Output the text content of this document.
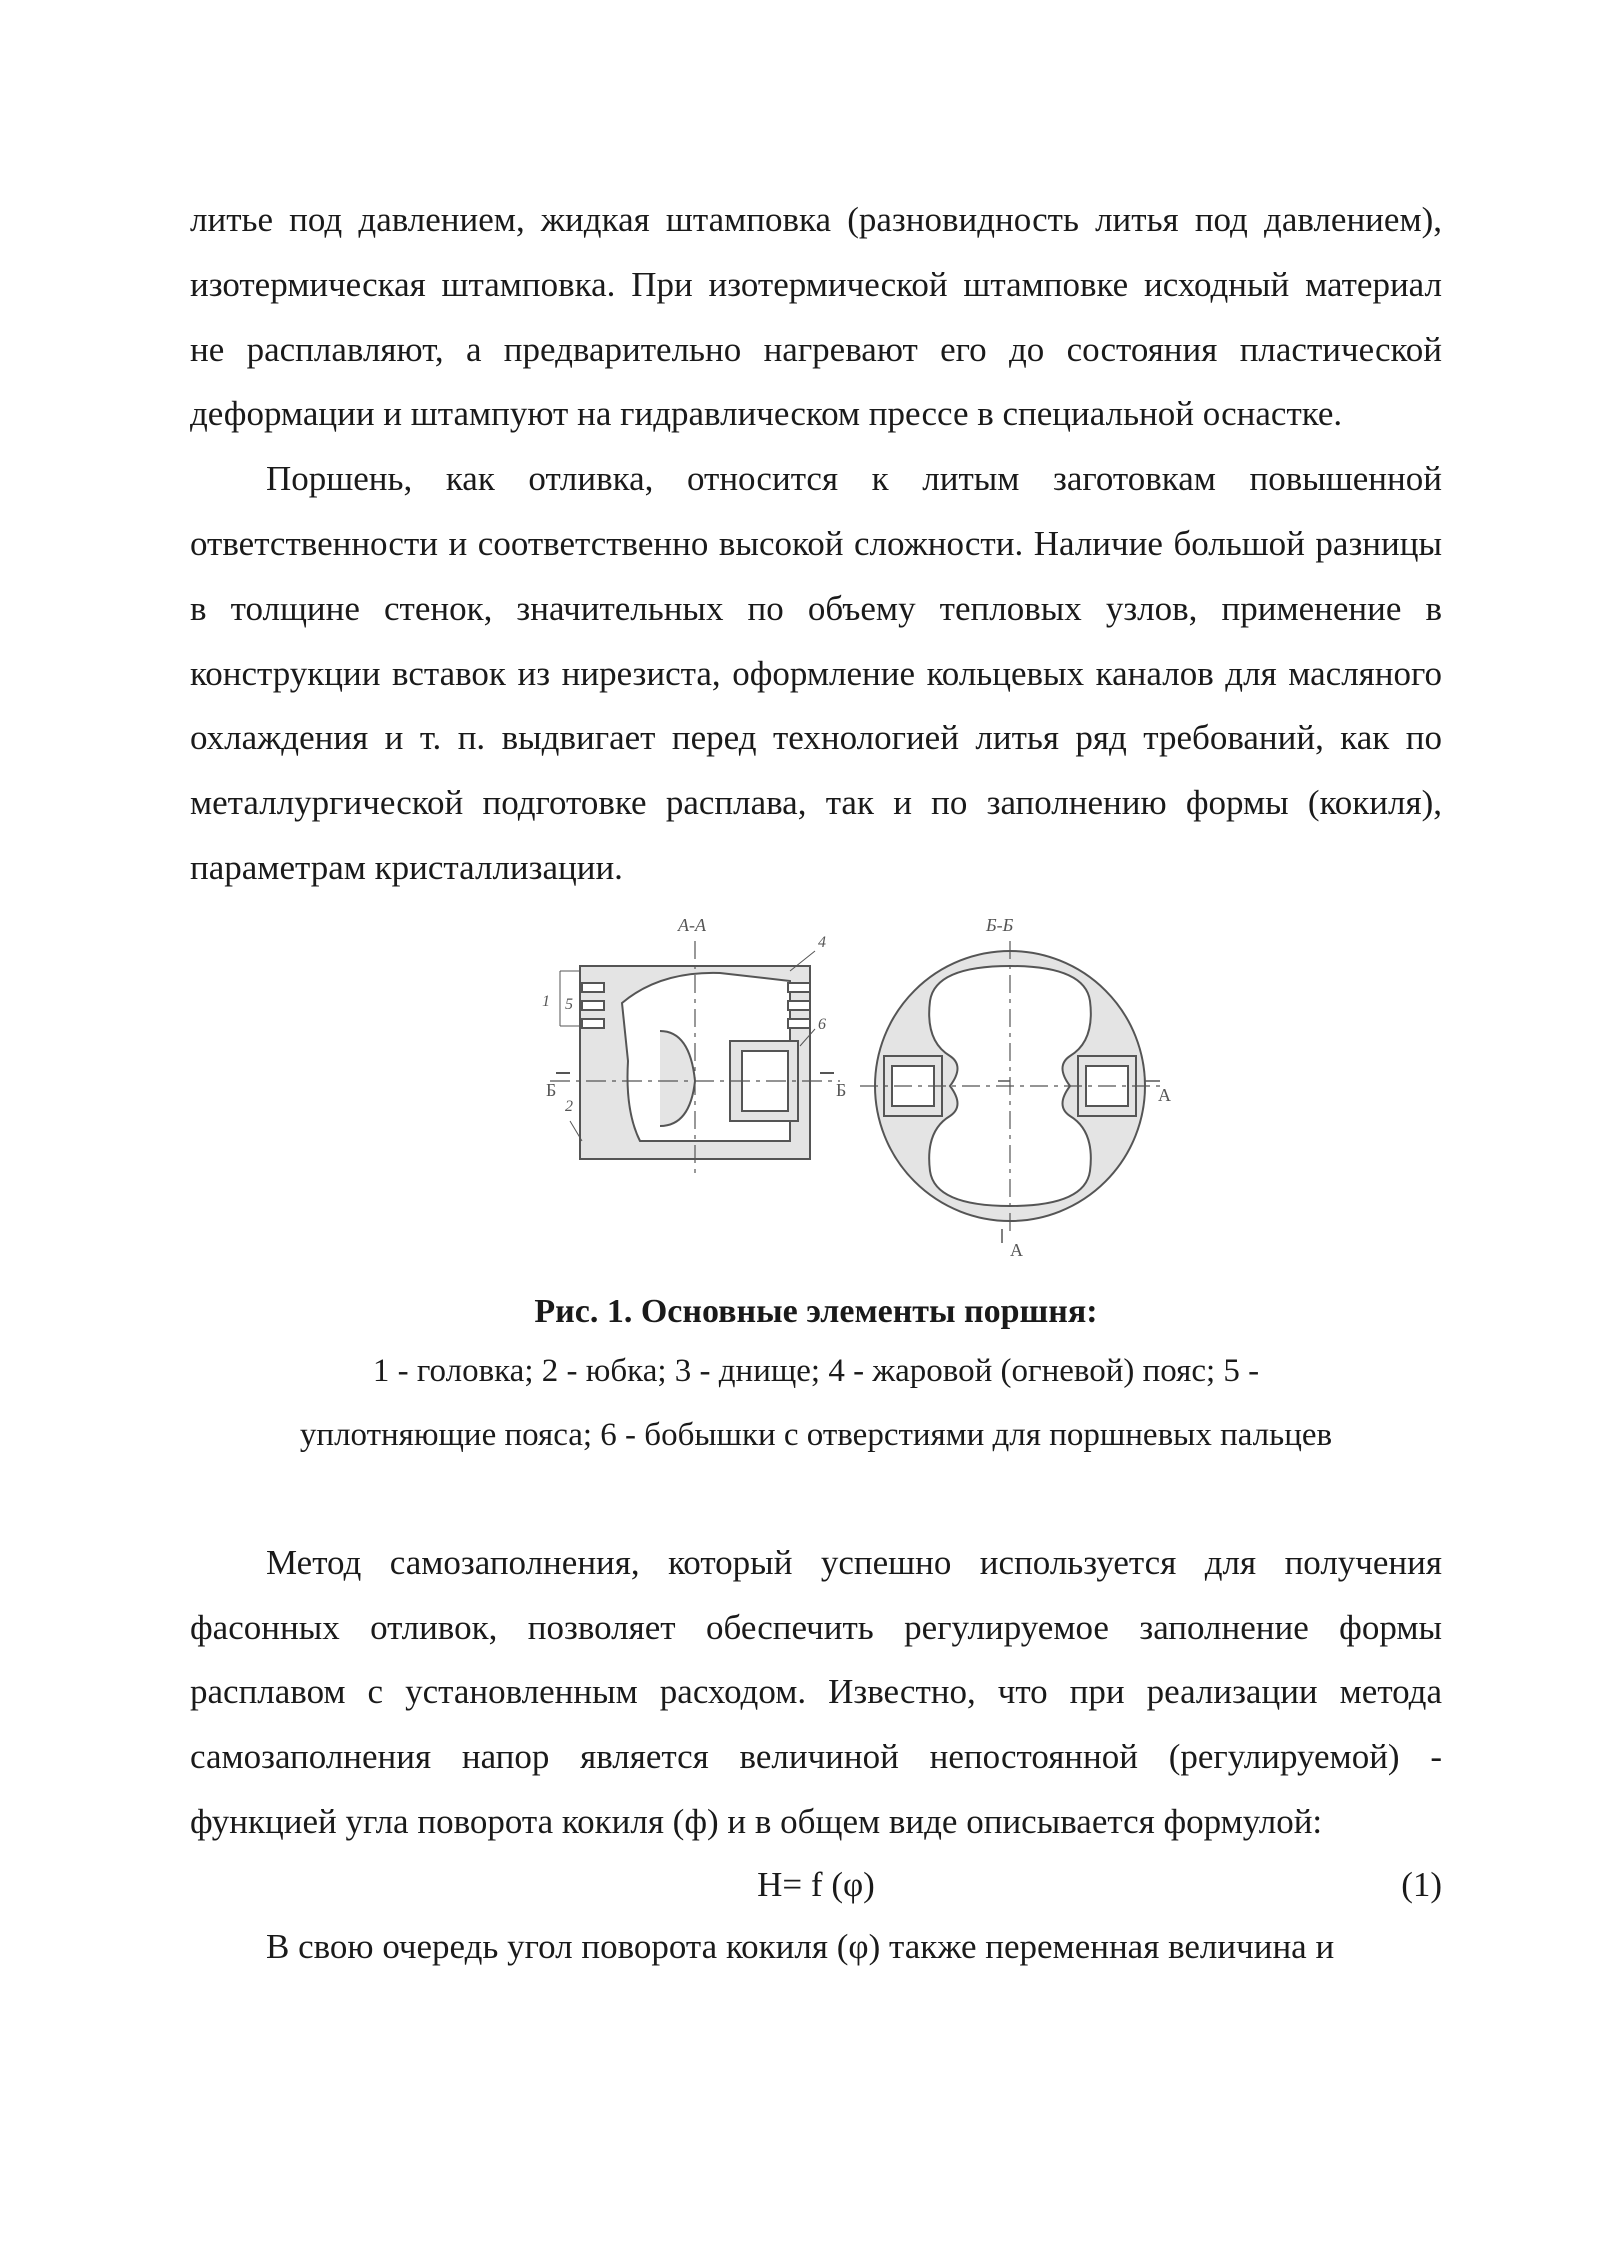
литье под давлением, жидкая штамповка (разновидность литья под давлением), изотермическая штамповка. При изотермической штамповке исходный материал не расплавляют, а предварительно нагревают его до состояния пластической деформации и штампуют на гидравлическом прессе в специальной оснастке.

Поршень, как отливка, относится к литым заготовкам повышенной ответственности и соответственно высокой сложности. Наличие большой разницы в толщине стенок, значительных по объему тепловых узлов, применение в конструкции вставок из нирезиста, оформление кольцевых каналов для масляного охлаждения и т. п. выдвигает перед технологией литья ряд требований, как по металлургической подготовке расплава, так и по заполнению формы (кокиля), параметрам кристаллизации.

А-А
1
2
4
5
6
Б	Б
Б-Б
А
А
Рис. 1. Основные элементы поршня:

1 - головка; 2 - юбка; 3 - днище; 4 - жаровой (огневой) пояс; 5 -

уплотняющие пояса; 6 - бобышки с отверстиями для поршневых пальцев

Метод самозаполнения, который успешно используется для получения фасонных отливок, позволяет обеспечить регулируемое заполнение формы расплавом с установленным расходом. Известно, что при реализации метода самозаполнения напор является величиной непостоянной (регулируемой) - функцией угла поворота кокиля (ф) и в общем виде описывается формулой:

H= f (φ)	(1)

В свою очередь угол поворота кокиля (φ) также переменная величина и
